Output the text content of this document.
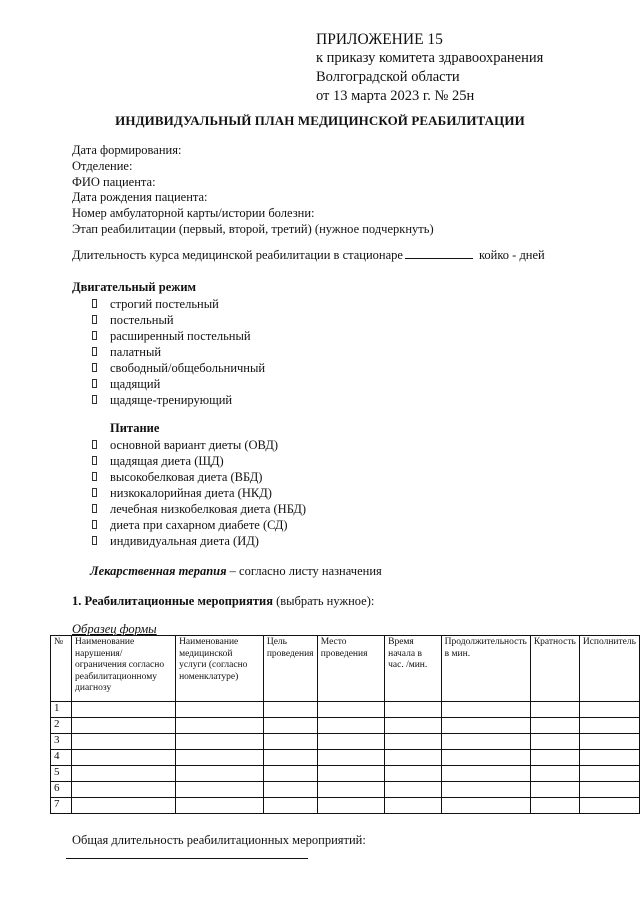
ПРИЛОЖЕНИЕ 15
к приказу комитета здравоохранения
Волгоградской области
от 13 марта 2023 г. № 25н
ИНДИВИДУАЛЬНЫЙ ПЛАН МЕДИЦИНСКОЙ РЕАБИЛИТАЦИИ
Дата формирования:
Отделение:
ФИО пациента:
Дата рождения пациента:
Номер амбулаторной карты/истории болезни:
Этап реабилитации (первый, второй, третий) (нужное подчеркнуть)
Длительность курса медицинской реабилитации в стационаре	койко - дней
Двигательный режим
строгий постельный
постельный
расширенный постельный
палатный
свободный/общебольничный
щадящий
щадяще-тренирующий
Питание
основной вариант диеты (ОВД)
щадящая диета (ЩД)
высокобелковая диета (ВБД)
низкокалорийная диета (НКД)
лечебная низкобелковая диета (НБД)
диета при сахарном диабете (СД)
индивидуальная диета (ИД)
Лекарственная терапия – согласно листу назначения
1. Реабилитационные мероприятия (выбрать нужное):
Образец формы
№	Наименование нарушения/ограничения согласно реабилитационному диагнозу	Наименование медицинской услуги (согласно номенклатуре)	Цель проведения	Место проведения	Время начала в час. /мин.	Продолжительность в мин.	Кратность	Исполнитель
1								
2								
3								
4								
5								
6								
7								
Общая длительность реабилитационных мероприятий:
